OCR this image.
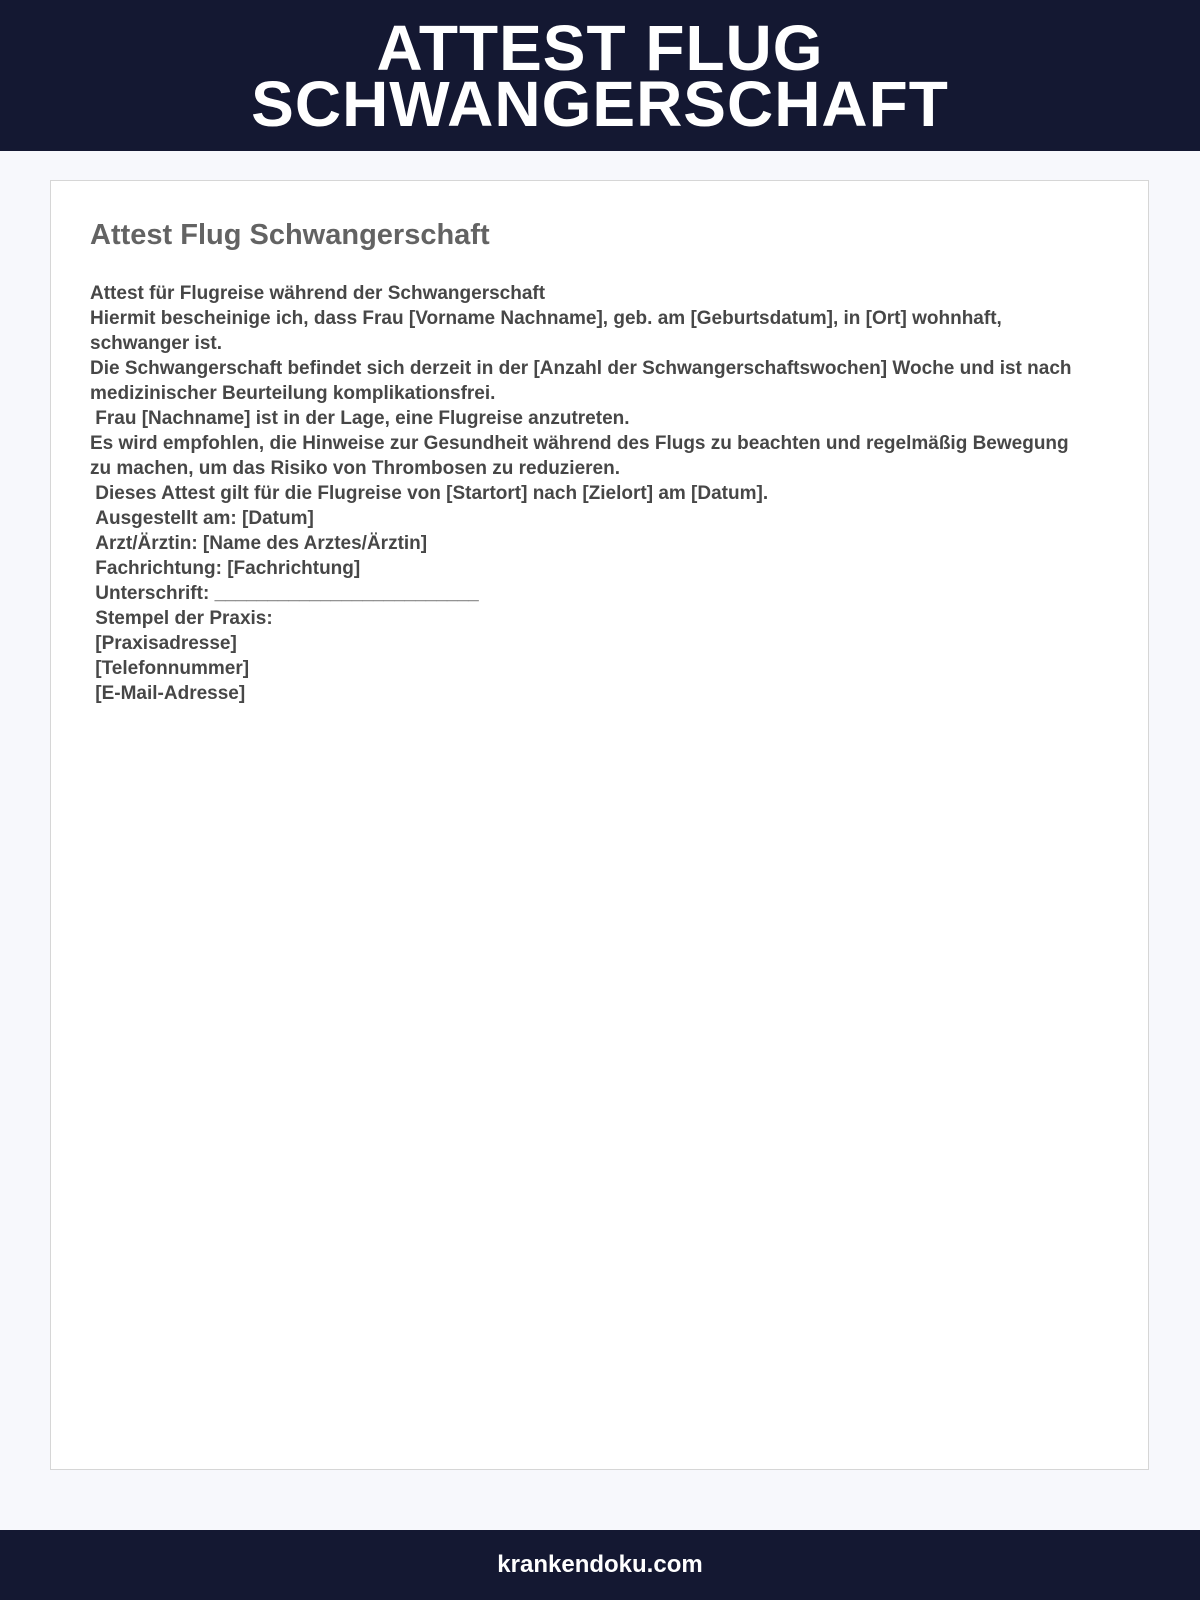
ATTEST FLUG SCHWANGERSCHAFT
Attest Flug Schwangerschaft

Attest für Flugreise während der Schwangerschaft

Hiermit bescheinige ich, dass Frau [Vorname Nachname], geb. am [Geburtsdatum], in [Ort] wohnhaft, schwanger ist.

Die Schwangerschaft befindet sich derzeit in der [Anzahl der Schwangerschaftswochen] Woche und ist nach medizinischer Beurteilung komplikationsfrei.

Frau [Nachname] ist in der Lage, eine Flugreise anzutreten.

Es wird empfohlen, die Hinweise zur Gesundheit während des Flugs zu beachten und regelmäßig Bewegung zu machen, um das Risiko von Thrombosen zu reduzieren.

Dieses Attest gilt für die Flugreise von [Startort] nach [Zielort] am [Datum].

Ausgestellt am: [Datum]

Arzt/Ärztin: [Name des Arztes/Ärztin]

Fachrichtung: [Fachrichtung]

Unterschrift: _________________________

Stempel der Praxis:

[Praxisadresse]

[Telefonnummer]

[E-Mail-Adresse]

krankendoku.com
